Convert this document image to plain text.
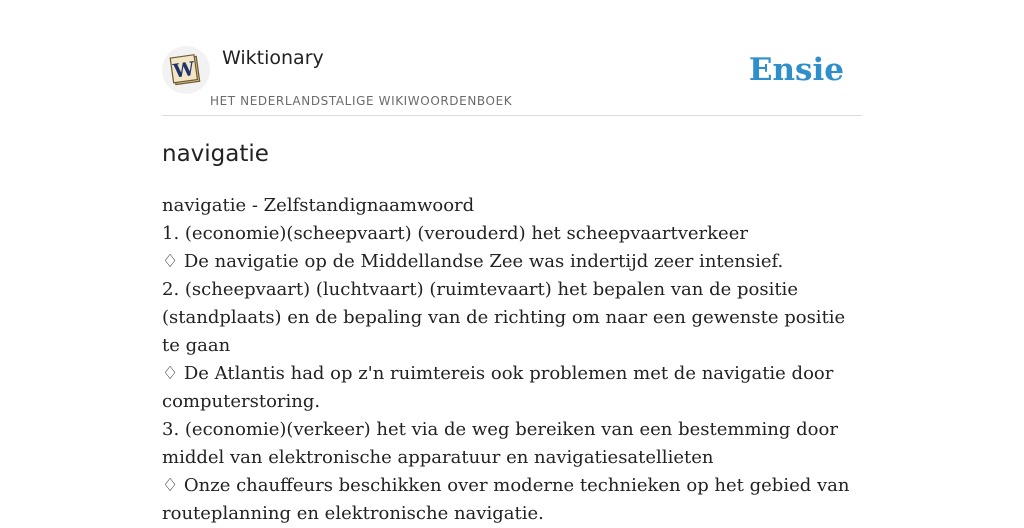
W Wiktionary
HET NEDERLANDSTALIGE WIKIWOORDENBOEK
Ensie
navigatie
navigatie - Zelfstandignaamwoord
1. (economie)(scheepvaart) (verouderd) het scheepvaartverkeer
♢ De navigatie op de Middellandse Zee was indertijd zeer intensief.
2. (scheepvaart) (luchtvaart) (ruimtevaart) het bepalen van de positie (standplaats) en de bepaling van de richting om naar een gewenste positie te gaan
♢ De Atlantis had op z'n ruimtereis ook problemen met de navigatie door computerstoring.
3. (economie)(verkeer) het via de weg bereiken van een bestemming door middel van elektronische apparatuur en navigatiesatellieten
♢ Onze chauffeurs beschikken over moderne technieken op het gebied van routeplanning en elektronische navigatie.
